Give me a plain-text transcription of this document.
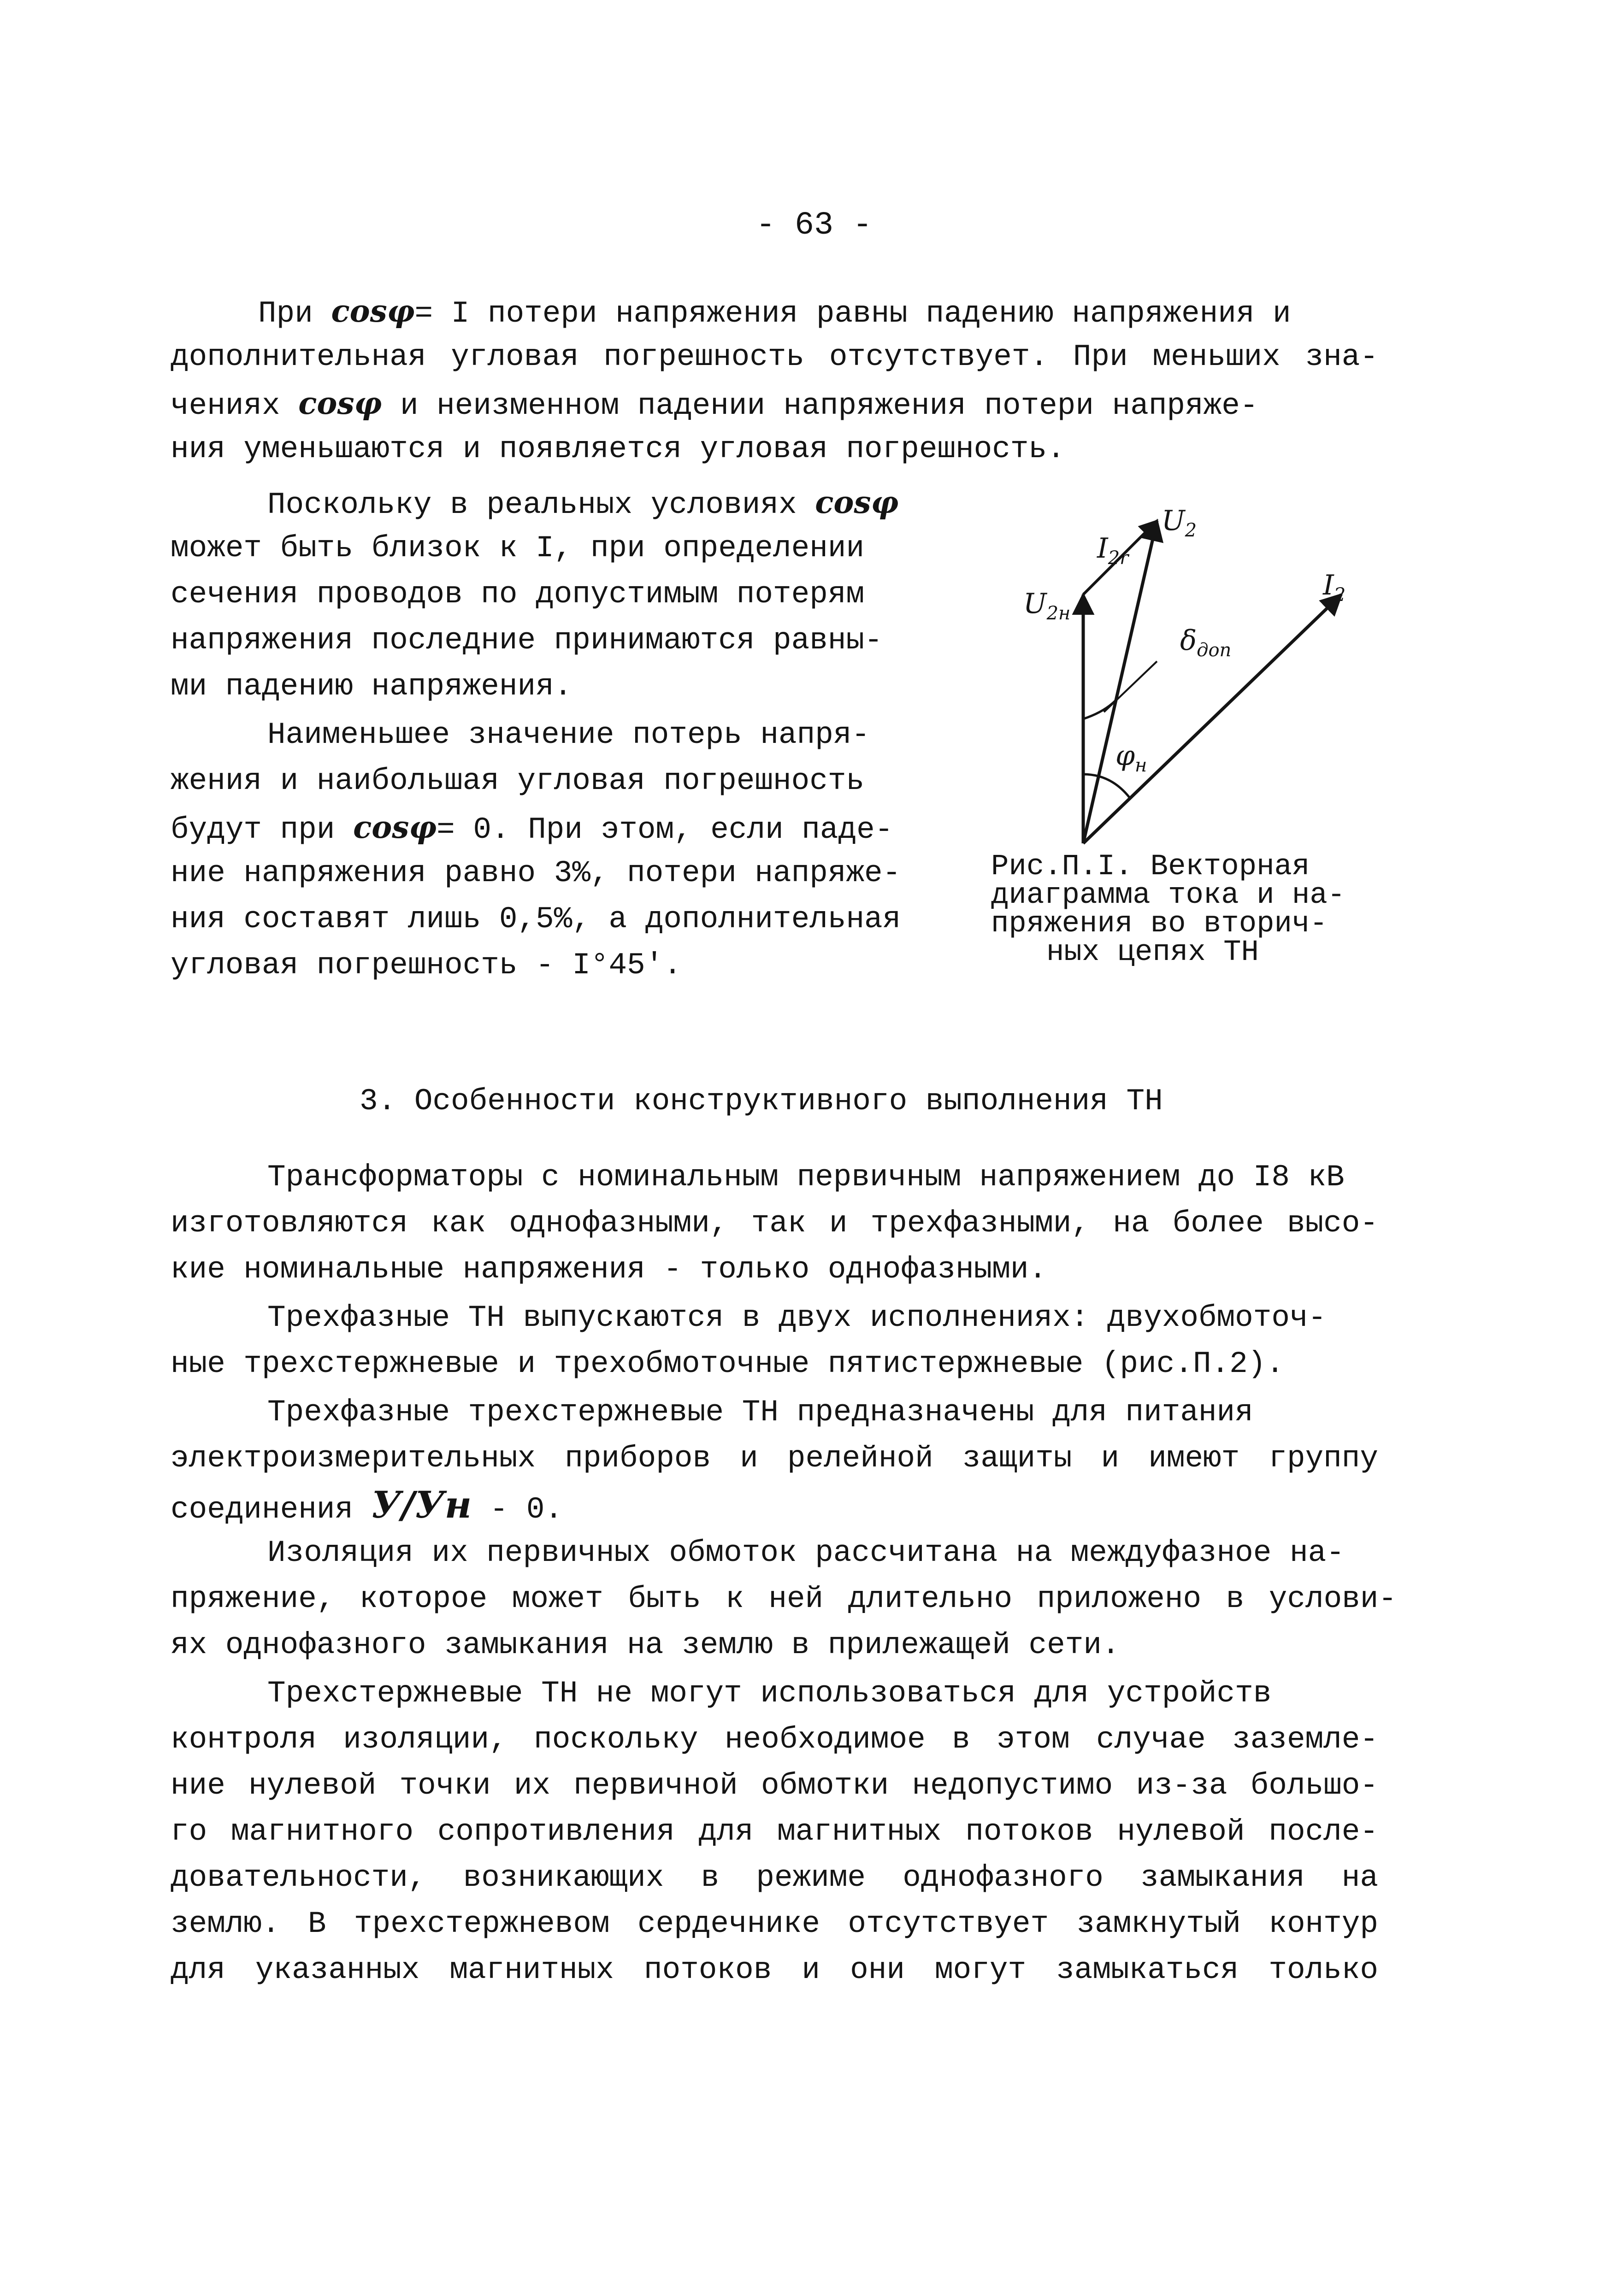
- 63 -
При cosφ= I потери напряжения равны падению напряжения и
дополнительная угловая погрешность отсутствует. При меньших зна-
чениях cosφ и неизменном падении напряжения потери напряже-
ния уменьшаются и появляется угловая погрешность.
Поскольку в реальных условиях cosφ
может быть близок к I, при определении
сечения проводов по допустимым потерям
напряжения последние принимаются равны-
ми падению напряжения.
Наименьшее значение потерь напря-
жения и наибольшая угловая погрешность
будут при cosφ= 0. При этом, если паде-
ние напряжения равно 3%, потери напряже-
ния составят лишь 0,5%, а дополнительная
угловая погрешность - I°45′.
$U_2$
$U_{2н}$
$I_{2r}$
$I_2$
$\delta_{доп}$
$\varphi_н$
Рис.П.I. Векторная
диаграмма тока и на-
пряжения во вторич-
ных цепях ТН
3. Особенности конструктивного выполнения ТН
Трансформаторы с номинальным первичным напряжением до I8 кВ
изготовляются как однофазными, так и трехфазными, на более высо-
кие номинальные напряжения - только однофазными.
Трехфазные ТН выпускаются в двух исполнениях: двухобмоточ-
ные трехстержневые и трехобмоточные пятистержневые (рис.П.2).
Трехфазные трехстержневые ТН предназначены для питания
электроизмерительных приборов и релейной защиты и имеют группу
соединения У/Ун - 0.
Изоляция их первичных обмоток рассчитана на междуфазное на-
пряжение, которое может быть к ней длительно приложено в услови-
ях однофазного замыкания на землю в прилежащей сети.
Трехстержневые ТН не могут использоваться для устройств
контроля изоляции, поскольку необходимое в этом случае заземле-
ние нулевой точки их первичной обмотки недопустимо из-за большо-
го магнитного сопротивления для магнитных потоков нулевой после-
довательности, возникающих в режиме однофазного замыкания на
землю. В трехстержневом сердечнике отсутствует замкнутый контур
для указанных магнитных потоков и они могут замыкаться только
